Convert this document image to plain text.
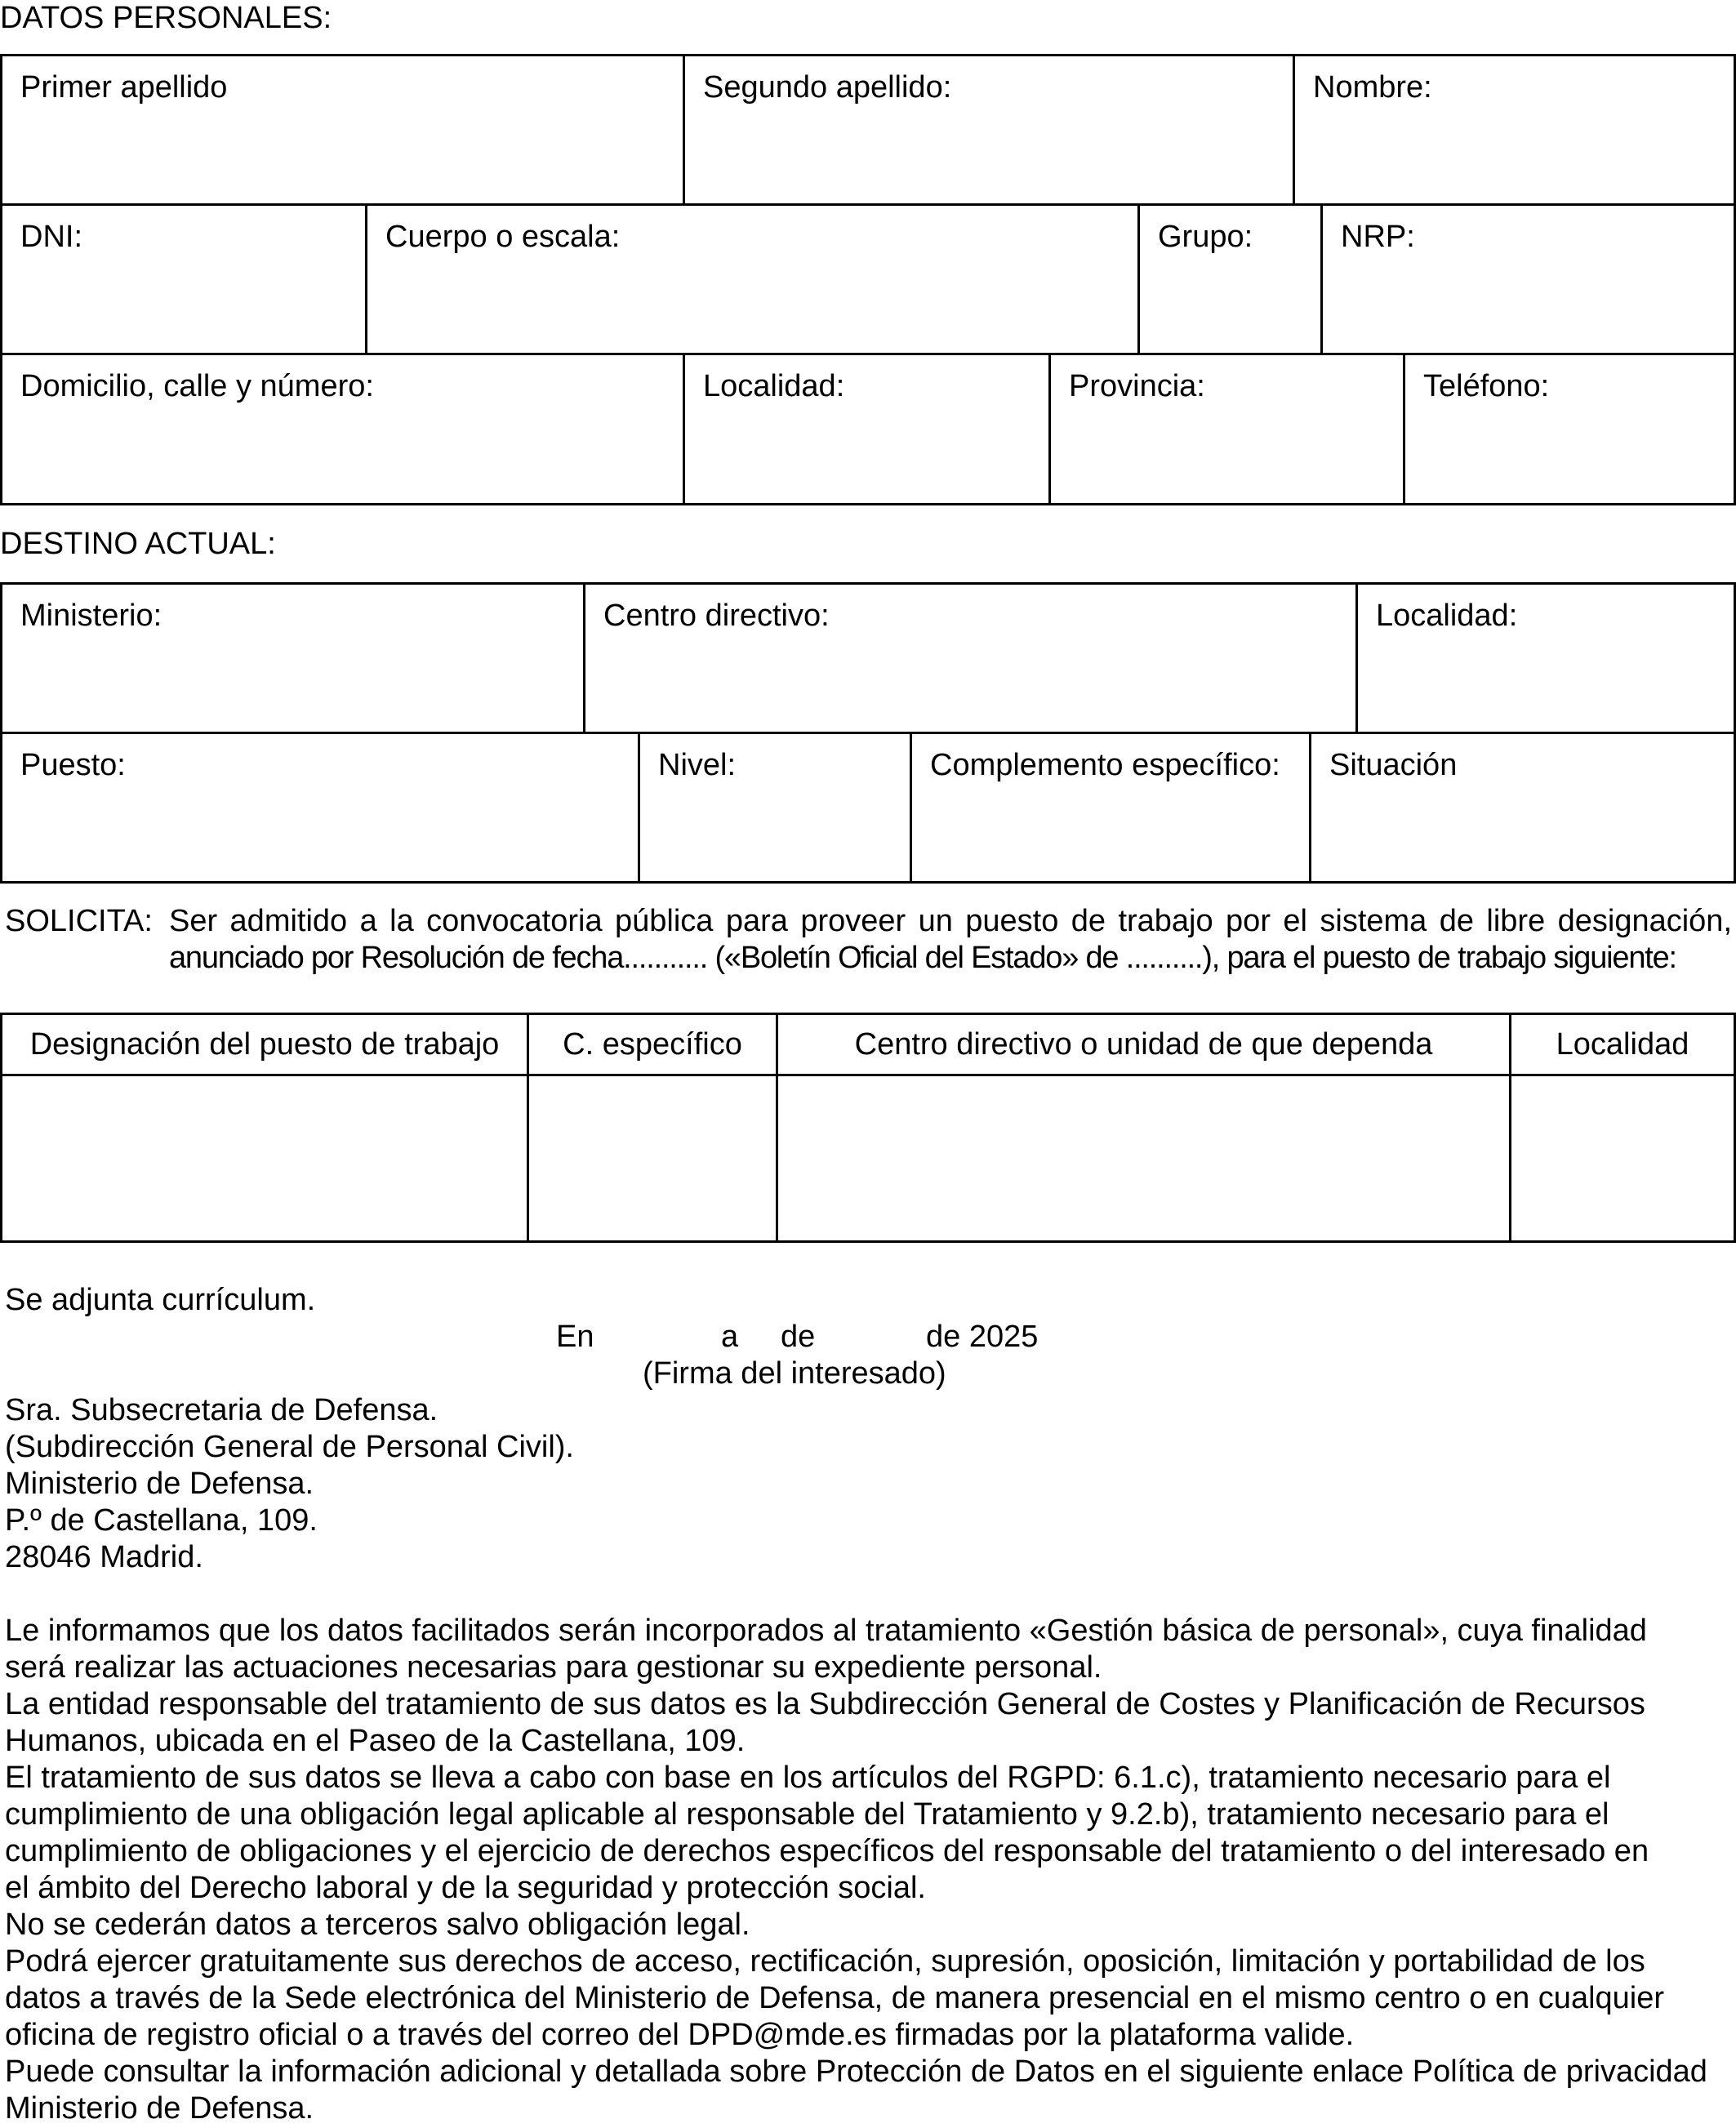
DATOS PERSONALES:
Primer apellido	Segundo apellido:	Nombre:
DNI:	Cuerpo o escala:	Grupo:	NRP:
Domicilio, calle y número:	Localidad:	Provincia:	Teléfono:
DESTINO ACTUAL:
Ministerio:	Centro directivo:	Localidad:
Puesto:	Nivel:	Complemento específico: Situación
SOLICITA: Ser admitido a la convocatoria pública para proveer un puesto de trabajo por el sistema de libre designación,
anunciado por Resolución de fecha........... («Boletín Oficial del Estado» de ..........), para el puesto de trabajo siguiente:
Designación del puesto de trabajo	C. específico	Centro directivo o unidad de que dependa	Localidad
Se adjunta currículum.
En	a de	de 2025
(Firma del interesado)
Sra. Subsecretaria de Defensa.
(Subdirección General de Personal Civil).
Ministerio de Defensa.
P.º de Castellana, 109.
28046 Madrid.
Le informamos que los datos facilitados serán incorporados al tratamiento «Gestión básica de personal», cuya finalidad
será realizar las actuaciones necesarias para gestionar su expediente personal.
La entidad responsable del tratamiento de sus datos es la Subdirección General de Costes y Planificación de Recursos
Humanos, ubicada en el Paseo de la Castellana, 109.
El tratamiento de sus datos se lleva a cabo con base en los artículos del RGPD: 6.1.c), tratamiento necesario para el
cumplimiento de una obligación legal aplicable al responsable del Tratamiento y 9.2.b), tratamiento necesario para el
cumplimiento de obligaciones y el ejercicio de derechos específicos del responsable del tratamiento o del interesado en
el ámbito del Derecho laboral y de la seguridad y protección social.
No se cederán datos a terceros salvo obligación legal.
Podrá ejercer gratuitamente sus derechos de acceso, rectificación, supresión, oposición, limitación y portabilidad de los
datos a través de la Sede electrónica del Ministerio de Defensa, de manera presencial en el mismo centro o en cualquier
oficina de registro oficial o a través del correo del DPD@mde.es firmadas por la plataforma valide.
Puede consultar la información adicional y detallada sobre Protección de Datos en el siguiente enlace Política de privacidad
Ministerio de Defensa.
